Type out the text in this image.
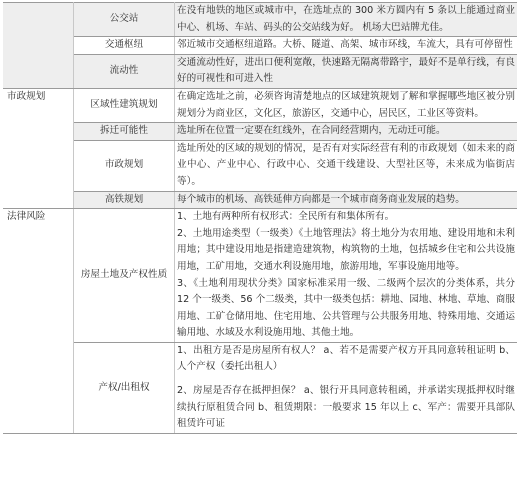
	公交站	在没有地铁的地区或城市中，在选址点的 300 米方圆内有 5 条以上能通过商业中心、机场、车站、码头的公交站线为好。 机场大巴站牌尤佳。

	交通枢纽	邻近城市交通枢纽道路。大桥、隧道、高架、城市环线，车流大，具有可停留性

	流动性	交通流动性好，进出口便利宽敞，快速路无隔离带路宇，最好不是单行线，有良好的可视性和可进入性

市政规划	区域性建筑规划	在确定选址之前，必须咨询清楚地点的区域建筑规划了解和掌握哪些地区被分别规划分为商业区，文化区，旅游区，交通中心，居民区，工业区等资料。

	拆迁可能性	选址所在位置一定要在红线外，在合同经营期内，无动迁可能。

	市政规划	选址所处的区域的规划的情况，是否有对实际经营有利的市政规划（如未来的商业中心、产业中心、行政中心、交通干线建设、大型社区等，未来成为临街店等）。

	高铁规划	每个城市的机场、高铁延伸方向都是一个城市商务商业发展的趋势。

法律风险	房屋土地及产权性质	1、土地有两种所有权形式：全民所有和集体所有。
2、土地用途类型（一级类）《土地管理法》将土地分为农用地、建设用地和未利用地；其中建设用地是指建造建筑物，构筑物的土地，包括城乡住宅和公共设施用地，工矿用地，交通水利设施用地，旅游用地，军事设施用地等。
3、《土地利用现状分类》国家标准采用一级、二级两个层次的分类体系，共分 12 个一级类、56 个二级类，其中一级类包括：耕地、园地、林地、草地、商服用地、工矿仓储用地、住宅用地、公共管理与公共服务用地、特殊用地、交通运输用地、水域及水利设施用地、其他土地。

	产权/出租权	1、出租方是否是房屋所有权人？ a、若不是需要产权方开具同意转租证明 b、人个产权（委托出租人）
2、房屋是否存在抵押担保？ a、银行开具同意转租函，并承诺实现抵押权时继续执行原租赁合同 b、租赁期限：一般要求 15 年以上 c、军产：需要开具部队租赁许可证
